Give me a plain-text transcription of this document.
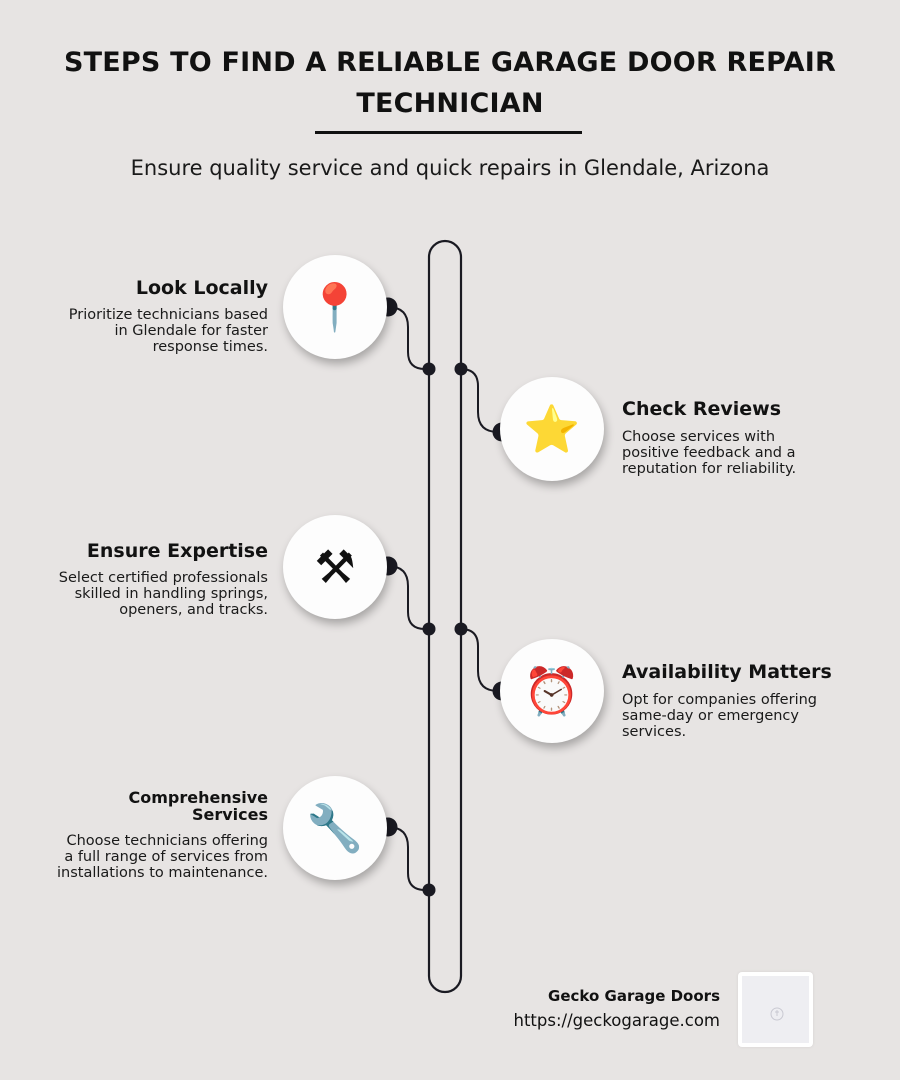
STEPS TO FIND A RELIABLE GARAGE DOOR REPAIR TECHNICIAN
Ensure quality service and quick repairs in Glendale, Arizona
📍
Look Locally
Prioritize technicians based in Glendale for faster response times.
⭐ Check Reviews
Choose services with positive feedback and a reputation for reliability.
⚒
Ensure Expertise
Select certified professionals skilled in handling springs, openers, and tracks.
⏰ Availability Matters
Opt for companies offering same-day or emergency services.
🔧
Comprehensive Services
Choose technicians offering a full range of services from installations to maintenance.
Gecko Garage Doors
https://geckogarage.com
